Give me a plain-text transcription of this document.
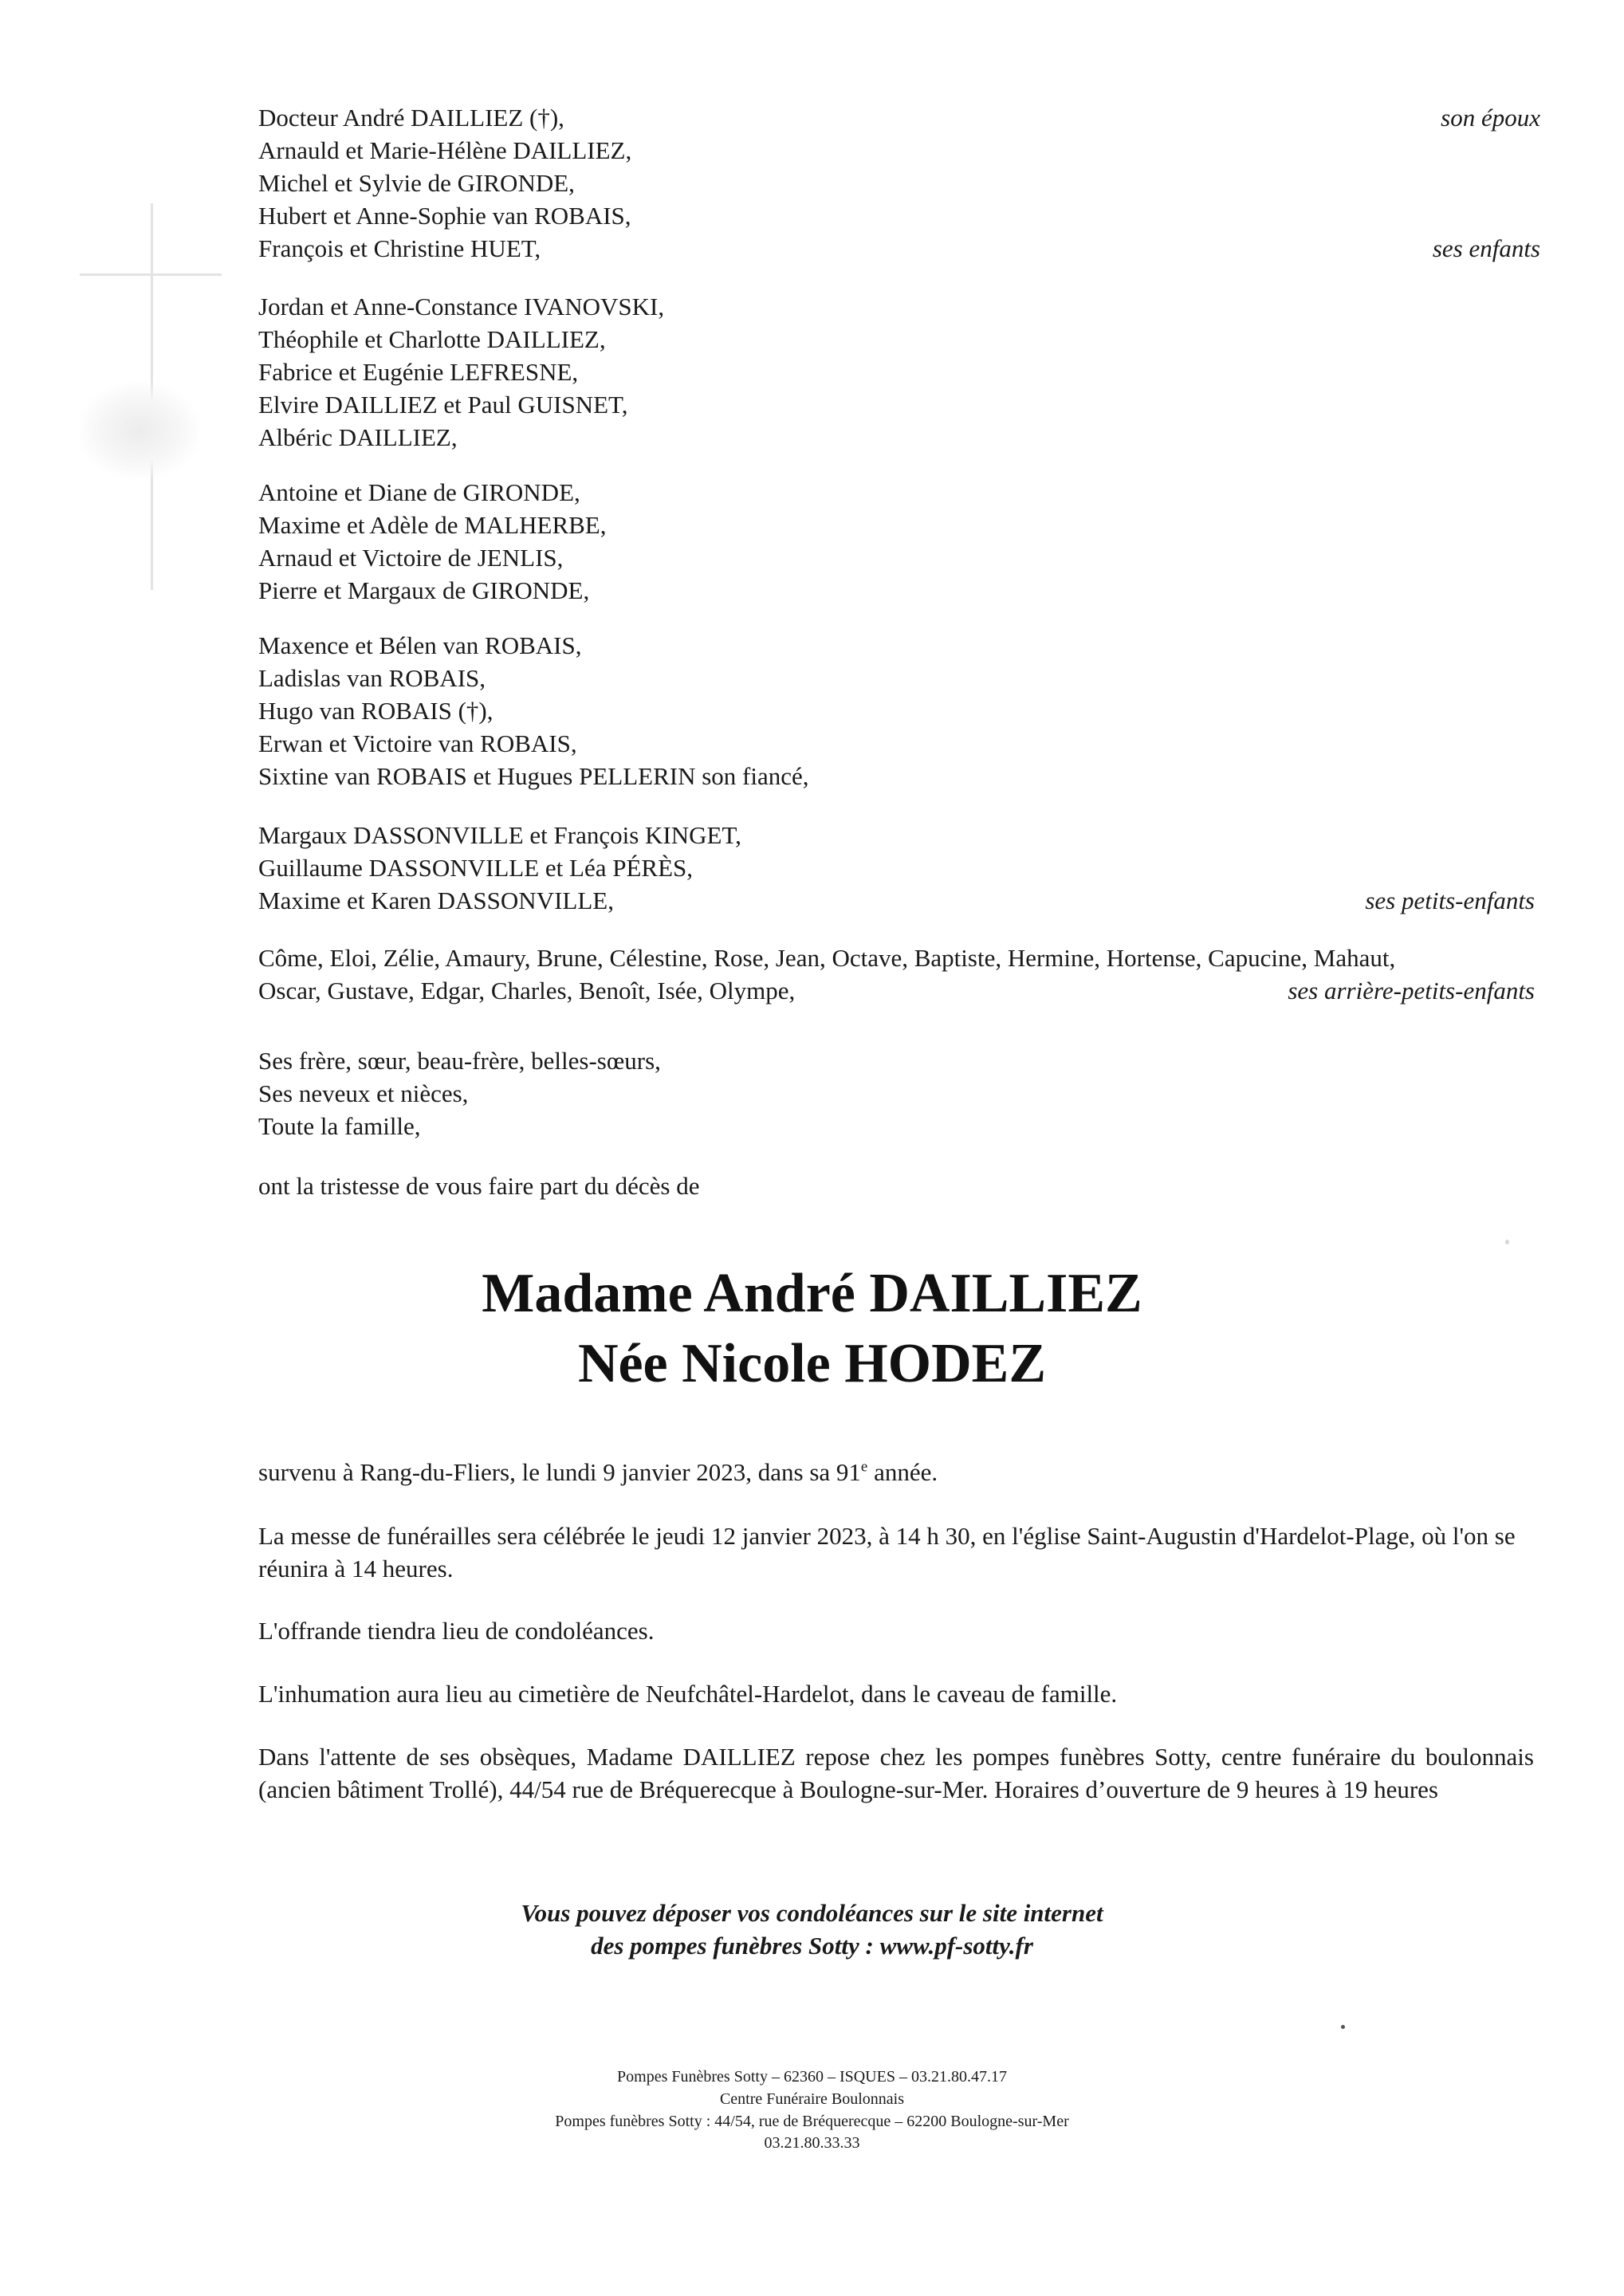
Docteur André DAILLIEZ (†),	son époux
Arnauld et Marie-Hélène DAILLIEZ,
Michel et Sylvie de GIRONDE,
Hubert et Anne-Sophie van ROBAIS,
François et Christine HUET,	ses enfants
Jordan et Anne-Constance IVANOVSKI,
Théophile et Charlotte DAILLIEZ,
Fabrice et Eugénie LEFRESNE,
Elvire DAILLIEZ et Paul GUISNET,
Albéric DAILLIEZ,
Antoine et Diane de GIRONDE,
Maxime et Adèle de MALHERBE,
Arnaud et Victoire de JENLIS,
Pierre et Margaux de GIRONDE,
Maxence et Bélen van ROBAIS,
Ladislas van ROBAIS,
Hugo van ROBAIS (†),
Erwan et Victoire van ROBAIS,
Sixtine van ROBAIS et Hugues PELLERIN son fiancé,
Margaux DASSONVILLE et François KINGET,
Guillaume DASSONVILLE et Léa PÉRÈS,
Maxime et Karen DASSONVILLE,	ses petits-enfants
Côme, Eloi, Zélie, Amaury, Brune, Célestine, Rose, Jean, Octave, Baptiste, Hermine, Hortense, Capucine, Mahaut,
Oscar, Gustave, Edgar, Charles, Benoît, Isée, Olympe,	ses arrière-petits-enfants
Ses frère, sœur, beau-frère, belles-sœurs,
Ses neveux et nièces,
Toute la famille,
ont la tristesse de vous faire part du décès de
Madame André DAILLIEZ
Née Nicole HODEZ
survenu à Rang-du-Fliers, le lundi 9 janvier 2023, dans sa 91e année.
La messe de funérailles sera célébrée le jeudi 12 janvier 2023, à 14 h 30, en l'église Saint-Augustin d'Hardelot-Plage, où l'on se réunira à 14 heures.
L'offrande tiendra lieu de condoléances.
L'inhumation aura lieu au cimetière de Neufchâtel-Hardelot, dans le caveau de famille.
Dans l'attente de ses obsèques, Madame DAILLIEZ repose chez les pompes funèbres Sotty, centre funéraire du boulonnais (ancien bâtiment Trollé), 44/54 rue de Bréquerecque à Boulogne-sur-Mer. Horaires d’ouverture de 9 heures à 19 heures
Vous pouvez déposer vos condoléances sur le site internet
des pompes funèbres Sotty : www.pf-sotty.fr
Pompes Funèbres Sotty – 62360 – ISQUES – 03.21.80.47.17
Centre Funéraire Boulonnais
Pompes funèbres Sotty : 44/54, rue de Bréquerecque – 62200 Boulogne-sur-Mer
03.21.80.33.33
